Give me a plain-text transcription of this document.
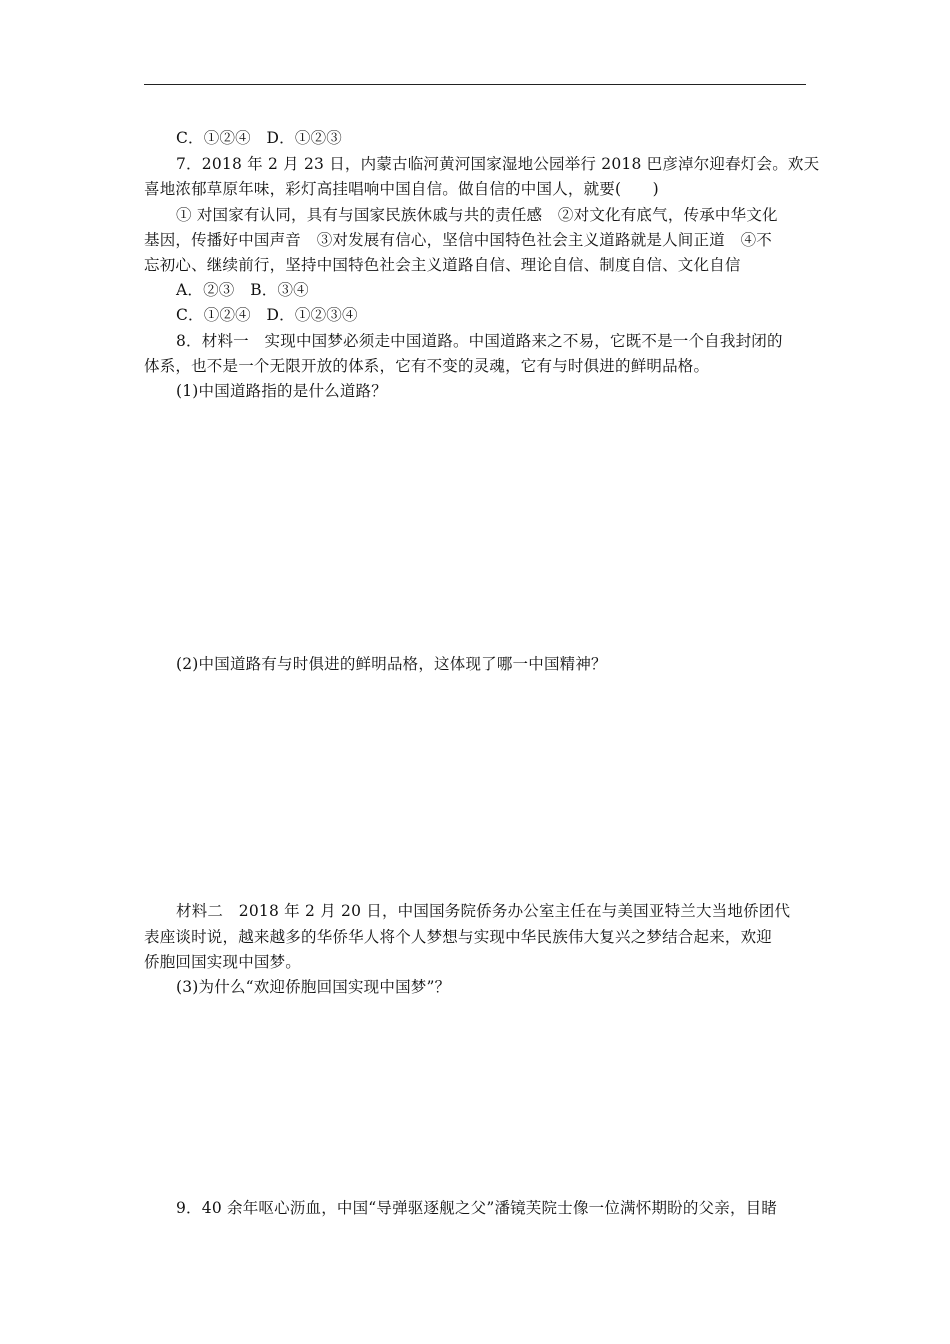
C．①②④　D．①②③
7．2018 年 2 月 23 日，内蒙古临河黄河国家湿地公园举行 2018 巴彦淖尔迎春灯会。欢天
喜地浓郁草原年味，彩灯高挂唱响中国自信。做自信的中国人，就要(　　)
① 对国家有认同，具有与国家民族休戚与共的责任感　②对文化有底气，传承中华文化
基因，传播好中国声音　③对发展有信心，坚信中国特色社会主义道路就是人间正道　④不
忘初心、继续前行，坚持中国特色社会主义道路自信、理论自信、制度自信、文化自信
A．②③　B．③④
C．①②④　D．①②③④
8．材料一　实现中国梦必须走中国道路。中国道路来之不易，它既不是一个自我封闭的
体系，也不是一个无限开放的体系，它有不变的灵魂，它有与时俱进的鲜明品格。
(1)中国道路指的是什么道路？
(2)中国道路有与时俱进的鲜明品格，这体现了哪一中国精神？
材料二　2018 年 2 月 20 日，中国国务院侨务办公室主任在与美国亚特兰大当地侨团代
表座谈时说，越来越多的华侨华人将个人梦想与实现中华民族伟大复兴之梦结合起来，欢迎
侨胞回国实现中国梦。
(3)为什么“欢迎侨胞回国实现中国梦”？
9．40 余年呕心沥血，中国“导弹驱逐舰之父”潘镜芙院士像一位满怀期盼的父亲，目睹
